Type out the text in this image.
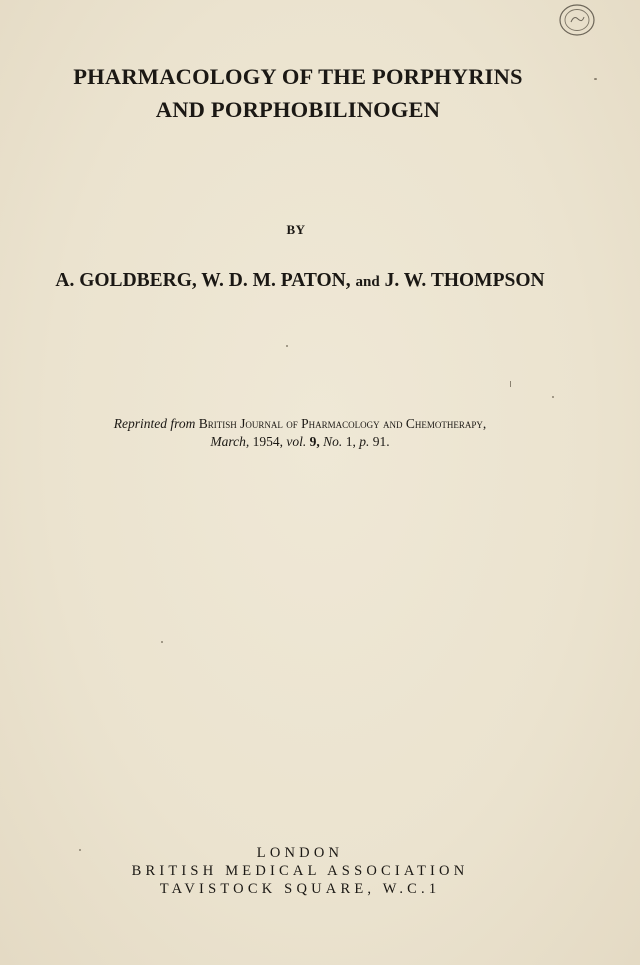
PHARMACOLOGY OF THE PORPHYRINS
AND PORPHOBILINOGEN
BY
A. GOLDBERG, W. D. M. PATON, and J. W. THOMPSON
Reprinted from British Journal of Pharmacology and Chemotherapy,
March, 1954, vol. 9, No. 1, p. 91.
LONDON
BRITISH MEDICAL ASSOCIATION
TAVISTOCK SQUARE, W.C.1
